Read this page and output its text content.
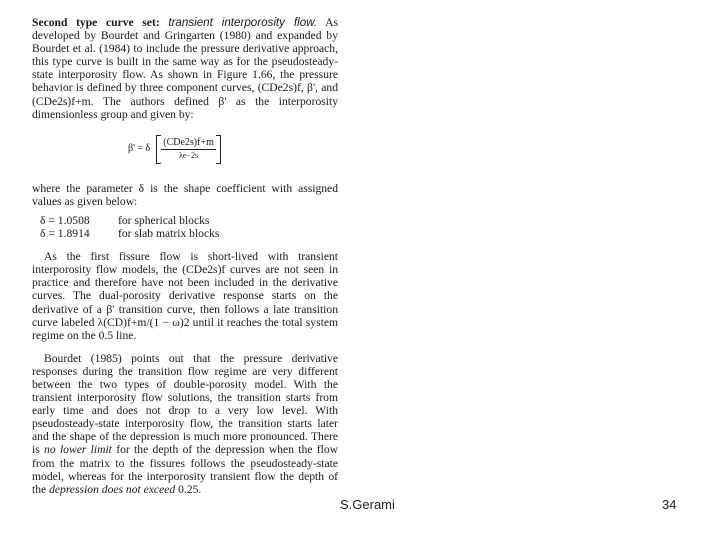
Second type curve set: transient interporosity flow. As developed by Bourdet and Gringarten (1980) and expanded by Bourdet et al. (1984) to include the pressure derivative approach, this type curve is built in the same way as for the pseudosteady-state interporosity flow. As shown in Figure 1.66, the pressure behavior is defined by three component curves, (CDe2s)f, β', and (CDe2s)f+m. The authors defined β' as the interporosity dimensionless group and given by:

β' = δ $\frac{\text{(CDe2s)f+m}}{\lambda e-2s}$

where the parameter δ is the shape coefficient with assigned values as given below:

δ = 1.0508	for spherical blocks
δ = 1.8914	for slab matrix blocks

As the first fissure flow is short-lived with transient interporosity flow models, the (CDe2s)f curves are not seen in practice and therefore have not been included in the derivative curves. The dual-porosity derivative response starts on the derivative of a β' transition curve, then follows a late transition curve labeled λ(CD)f+m/(1 − ω)2 until it reaches the total system regime on the 0.5 line.

Bourdet (1985) points out that the pressure derivative responses during the transition flow regime are very different between the two types of double-porosity model. With the transient interporosity flow solutions, the transition starts from early time and does not drop to a very low level. With pseudosteady-state interporosity flow, the transition starts later and the shape of the depression is much more pronounced. There is no lower limit for the depth of the depression when the flow from the matrix to the fissures follows the pseudosteady-state model, whereas for the interporosity transient flow the depth of the depression does not exceed 0.25.

S.Gerami	34
